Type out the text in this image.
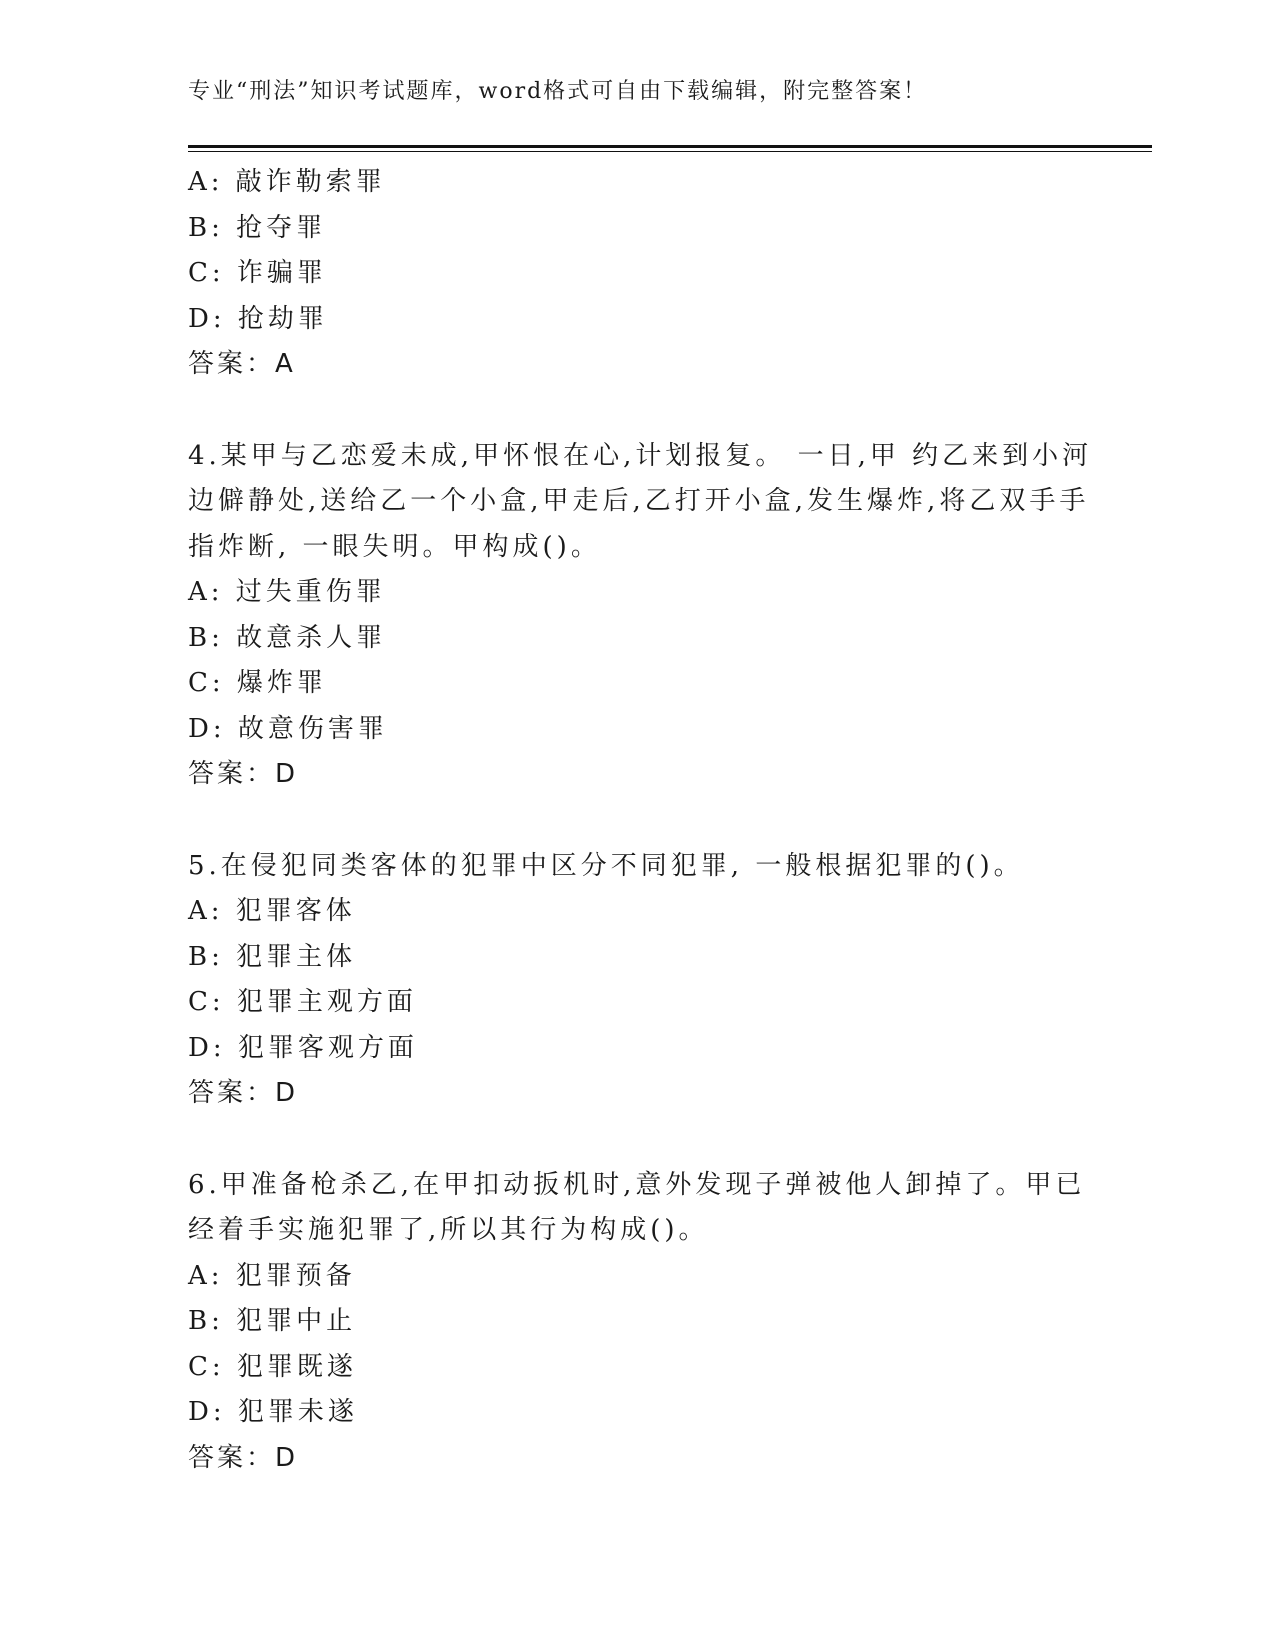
专业“刑法”知识考试题库，word格式可自由下载编辑，附完整答案！
A: 敲诈勒索罪
B: 抢夺罪
C: 诈骗罪
D: 抢劫罪
答案：A
4.某甲与乙恋爱未成,甲怀恨在心,计划报复。 一日,甲 约乙来到小河
边僻静处,送给乙一个小盒,甲走后,乙打开小盒,发生爆炸,将乙双手手
指炸断, 一眼失明。甲构成()。
A: 过失重伤罪
B: 故意杀人罪
C: 爆炸罪
D: 故意伤害罪
答案：D
5.在侵犯同类客体的犯罪中区分不同犯罪, 一般根据犯罪的()。
A: 犯罪客体
B: 犯罪主体
C: 犯罪主观方面
D: 犯罪客观方面
答案：D
6.甲准备枪杀乙,在甲扣动扳机时,意外发现子弹被他人卸掉了。甲已
经着手实施犯罪了,所以其行为构成()。
A: 犯罪预备
B: 犯罪中止
C: 犯罪既遂
D: 犯罪未遂
答案：D
